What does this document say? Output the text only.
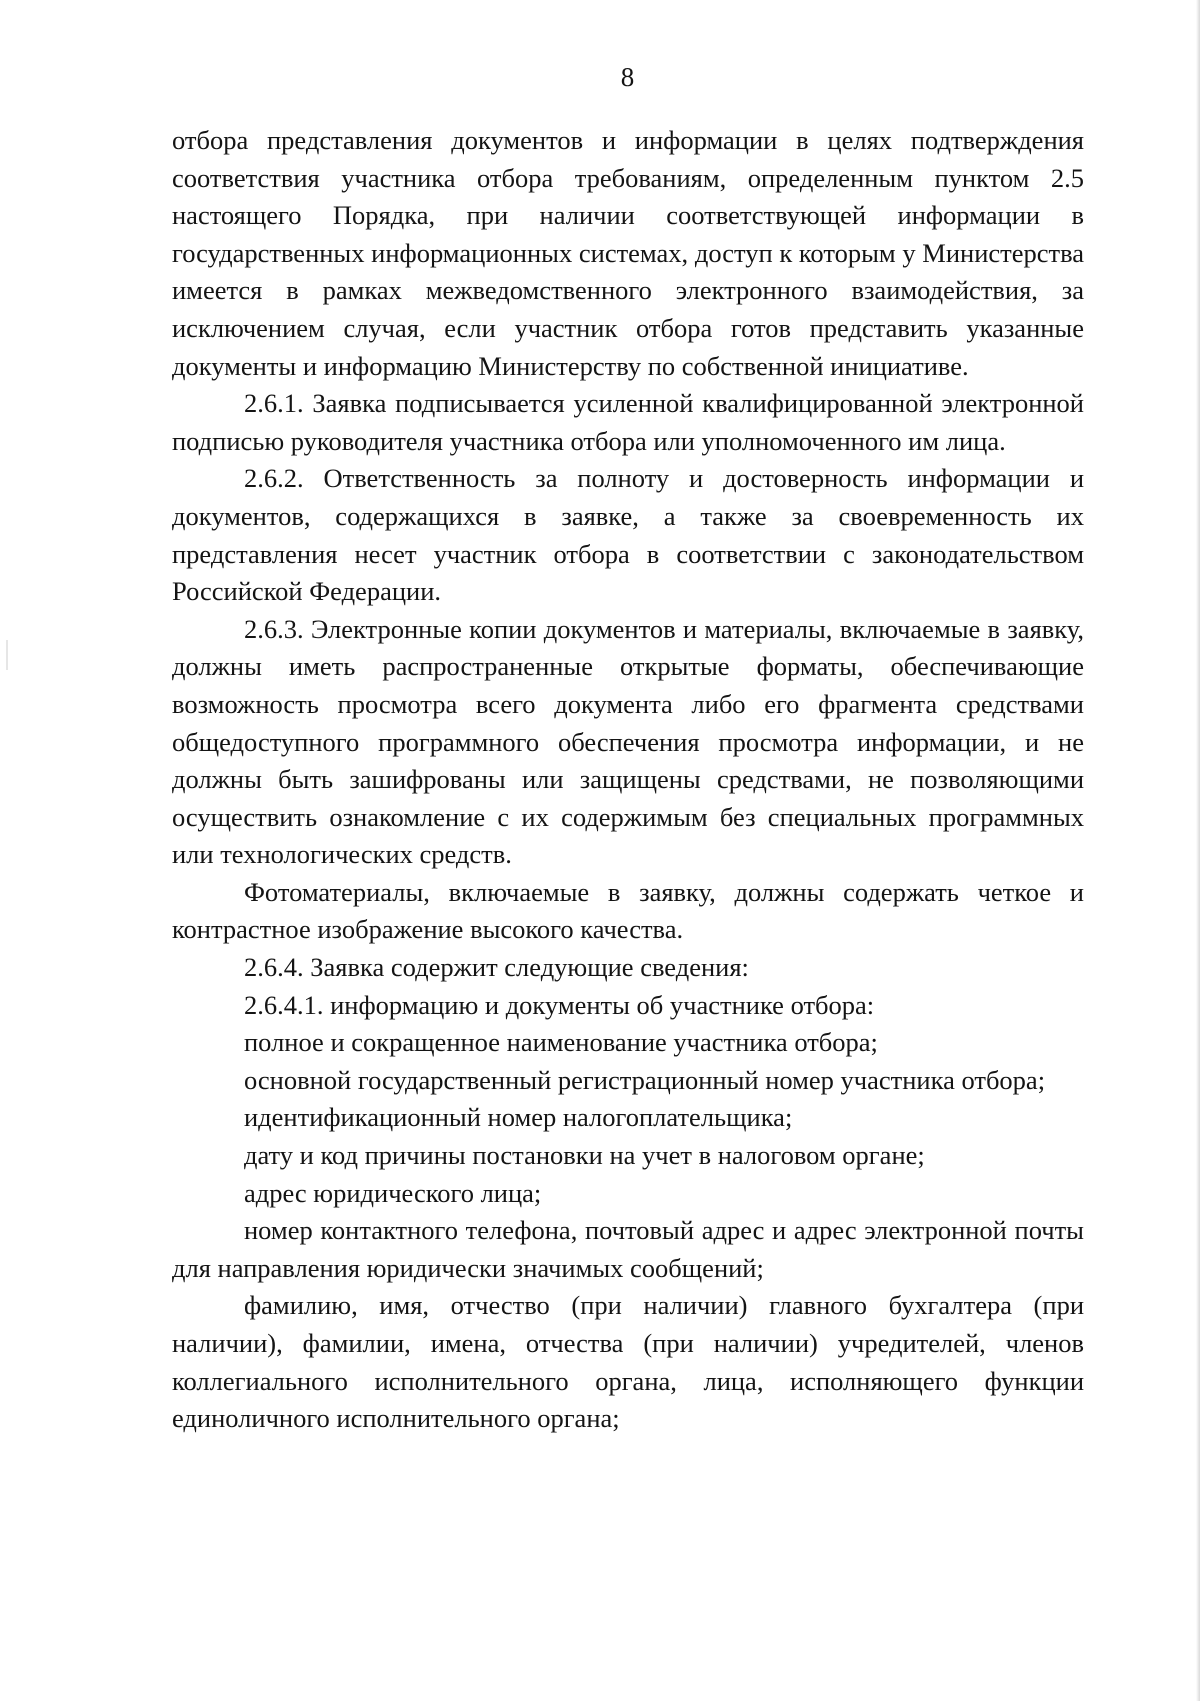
8

отбора представления документов и информации в целях подтверждения соответствия участника отбора требованиям, определенным пунктом 2.5 настоящего Порядка, при наличии соответствующей информации в государственных информационных системах, доступ к которым у Министерства имеется в рамках межведомственного электронного взаимодействия, за исключением случая, если участник отбора готов представить указанные документы и информацию Министерству по собственной инициативе.

2.6.1. Заявка подписывается усиленной квалифицированной электронной подписью руководителя участника отбора или уполномоченного им лица.

2.6.2. Ответственность за полноту и достоверность информации и документов, содержащихся в заявке, а также за своевременность их представления несет участник отбора в соответствии с законодательством Российской Федерации.

2.6.3. Электронные копии документов и материалы, включаемые в заявку, должны иметь распространенные открытые форматы, обеспечивающие возможность просмотра всего документа либо его фрагмента средствами общедоступного программного обеспечения просмотра информации, и не должны быть зашифрованы или защищены средствами, не позволяющими осуществить ознакомление с их содержимым без специальных программных или технологических средств.

Фотоматериалы, включаемые в заявку, должны содержать четкое и контрастное изображение высокого качества.

2.6.4. Заявка содержит следующие сведения:

2.6.4.1. информацию и документы об участнике отбора:

полное и сокращенное наименование участника отбора;

основной государственный регистрационный номер участника отбора;

идентификационный номер налогоплательщика;

дату и код причины постановки на учет в налоговом органе;

адрес юридического лица;

номер контактного телефона, почтовый адрес и адрес электронной почты для направления юридически значимых сообщений;

фамилию, имя, отчество (при наличии) главного бухгалтера (при наличии), фамилии, имена, отчества (при наличии) учредителей, членов коллегиального исполнительного органа, лица, исполняющего функции единоличного исполнительного органа;
